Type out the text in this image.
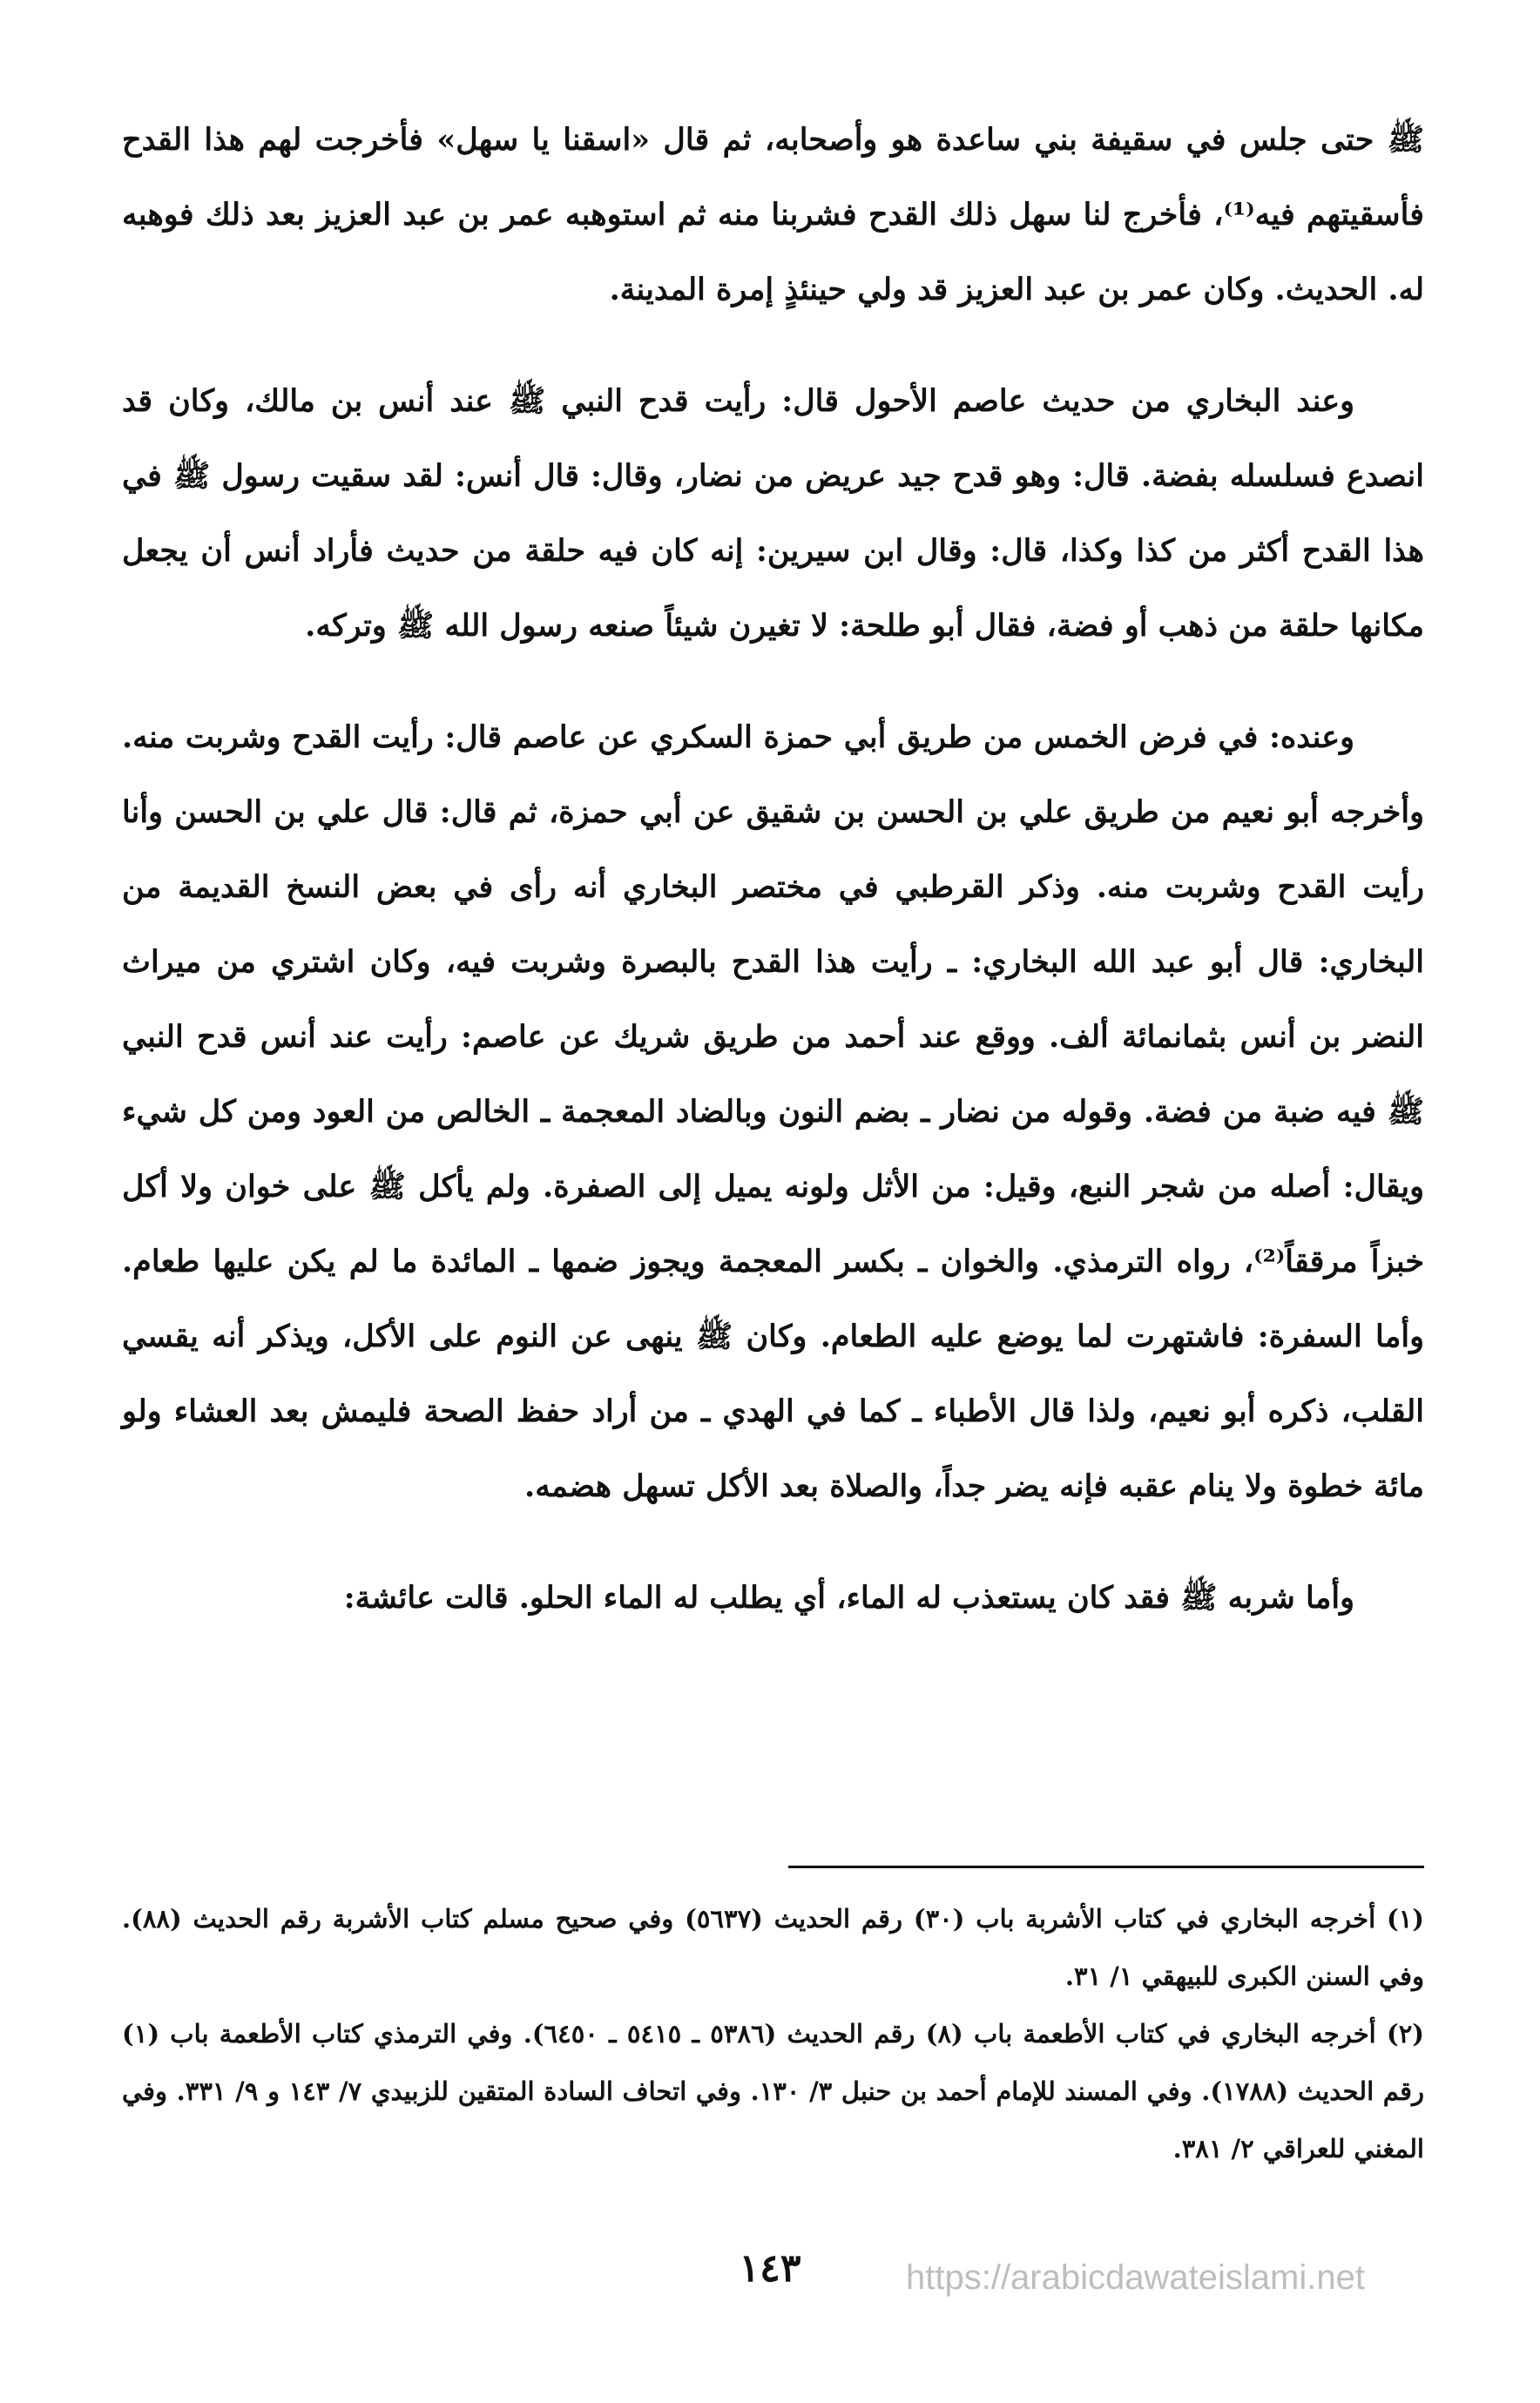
ﷺ حتى جلس في سقيفة بني ساعدة هو وأصحابه، ثم قال «اسقنا يا سهل» فأخرجت لهم هذا القدح فأسقيتهم فيه⁽¹⁾، فأخرج لنا سهل ذلك القدح فشربنا منه ثم استوهبه عمر بن عبد العزيز بعد ذلك فوهبه له. الحديث. وكان عمر بن عبد العزيز قد ولي حينئذٍ إمرة المدينة.

وعند البخاري من حديث عاصم الأحول قال: رأيت قدح النبي ﷺ عند أنس بن مالك، وكان قد انصدع فسلسله بفضة. قال: وهو قدح جيد عريض من نضار، وقال: قال أنس: لقد سقيت رسول ﷺ في هذا القدح أكثر من كذا وكذا، قال: وقال ابن سيرين: إنه كان فيه حلقة من حديث فأراد أنس أن يجعل مكانها حلقة من ذهب أو فضة، فقال أبو طلحة: لا تغيرن شيئاً صنعه رسول الله ﷺ وتركه.

وعنده: في فرض الخمس من طريق أبي حمزة السكري عن عاصم قال: رأيت القدح وشربت منه. وأخرجه أبو نعيم من طريق علي بن الحسن بن شقيق عن أبي حمزة، ثم قال: قال علي بن الحسن وأنا رأيت القدح وشربت منه. وذكر القرطبي في مختصر البخاري أنه رأى في بعض النسخ القديمة من البخاري: قال أبو عبد الله البخاري: ـ رأيت هذا القدح بالبصرة وشربت فيه، وكان اشتري من ميراث النضر بن أنس بثمانمائة ألف. ووقع عند أحمد من طريق شريك عن عاصم: رأيت عند أنس قدح النبي ﷺ فيه ضبة من فضة. وقوله من نضار ـ بضم النون وبالضاد المعجمة ـ الخالص من العود ومن كل شيء ويقال: أصله من شجر النبع، وقيل: من الأثل ولونه يميل إلى الصفرة. ولم يأكل ﷺ على خوان ولا أكل خبزاً مرققاً⁽²⁾، رواه الترمذي. والخوان ـ بكسر المعجمة ويجوز ضمها ـ المائدة ما لم يكن عليها طعام. وأما السفرة: فاشتهرت لما يوضع عليه الطعام. وكان ﷺ ينهى عن النوم على الأكل، ويذكر أنه يقسي القلب، ذكره أبو نعيم، ولذا قال الأطباء ـ كما في الهدي ـ من أراد حفظ الصحة فليمش بعد العشاء ولو مائة خطوة ولا ينام عقبه فإنه يضر جداً، والصلاة بعد الأكل تسهل هضمه.

وأما شربه ﷺ فقد كان يستعذب له الماء، أي يطلب له الماء الحلو. قالت عائشة:

(١) أخرجه البخاري في كتاب الأشربة باب (٣٠) رقم الحديث (٥٦٣٧) وفي صحيح مسلم كتاب الأشربة رقم الحديث (٨٨). وفي السنن الكبرى للبيهقي ١/ ٣١.

(٢) أخرجه البخاري في كتاب الأطعمة باب (٨) رقم الحديث (٥٣٨٦ ـ ٥٤١٥ ـ ٦٤٥٠). وفي الترمذي كتاب الأطعمة باب (١) رقم الحديث (١٧٨٨). وفي المسند للإمام أحمد بن حنبل ٣/ ١٣٠. وفي اتحاف السادة المتقين للزبيدي ٧/ ١٤٣ و ٩/ ٣٣١. وفي المغني للعراقي ٢/ ٣٨١.

١٤٣	https://arabicdawateislami.net
